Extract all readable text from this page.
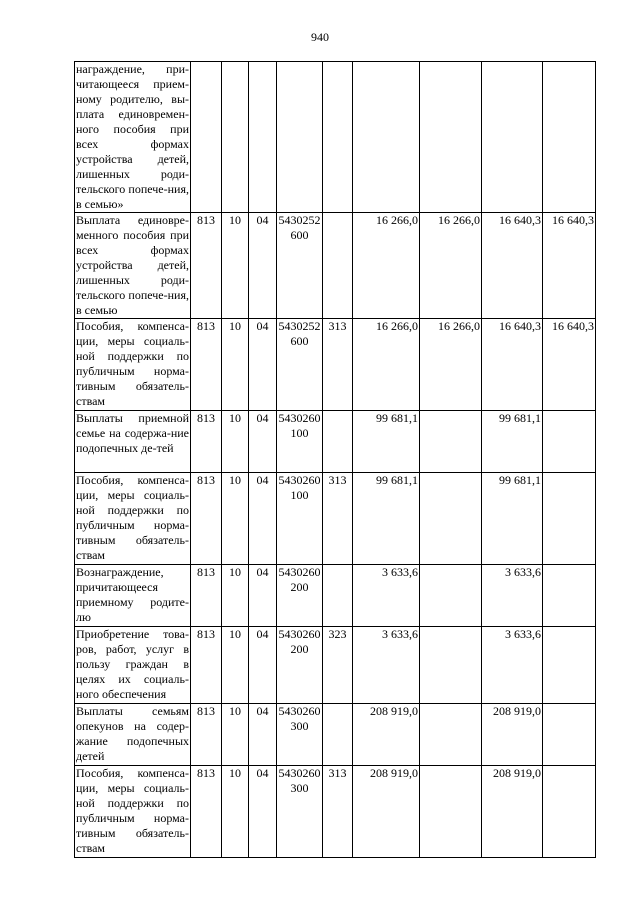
940
награждение, при-читающееся прием-ному родителю, вы-плата единовремен-ного пособия при всех формах устройства детей, лишенных роди-тельского попече-ния, в семью»									

Выплата единовре-менного пособия при всех формах устройства детей, лишенных роди-тельского попече-ния, в семью	813	10	04	5430252600		16 266,0	16 266,0	16 640,3	16 640,3

Пособия, компенса-ции, меры социаль-ной поддержки по публичным норма-тивным обязатель-ствам	813	10	04	5430252600	313	16 266,0	16 266,0	16 640,3	16 640,3

Выплаты приемной семье на содержа-ние подопечных де-тей	813	10	04	5430260100		99 681,1		99 681,1	

Пособия, компенса-ции, меры социаль-ной поддержки по публичным норма-тивным обязатель-ствам	813	10	04	5430260100	313	99 681,1		99 681,1	

Вознаграждение, причитающееся приемному родите-лю	813	10	04	5430260200		3 633,6		3 633,6	

Приобретение това-ров, работ, услуг в пользу граждан в целях их социаль-ного обеспечения	813	10	04	5430260200	323	3 633,6		3 633,6	

Выплаты семьям опекунов на содер-жание подопечных детей	813	10	04	5430260300		208 919,0		208 919,0	

Пособия, компенса-ции, меры социаль-ной поддержки по публичным норма-тивным обязатель-ствам	813	10	04	5430260300	313	208 919,0		208 919,0	
